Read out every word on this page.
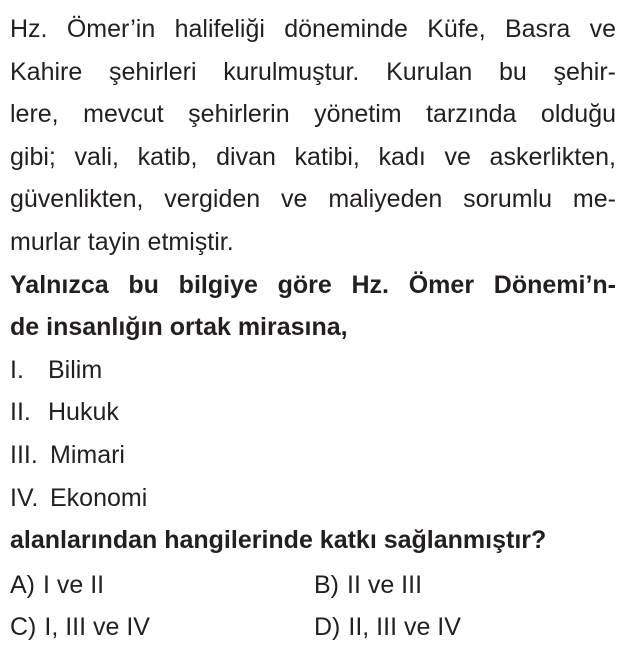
Hz. Ömer’in halifeliği döneminde Küfe, Basra ve
Kahire şehirleri kurulmuştur. Kurulan bu şehir-
lere, mevcut şehirlerin yönetim tarzında olduğu
gibi; vali, katib, divan katibi, kadı ve askerlikten,
güvenlikten, vergiden ve maliyeden sorumlu me-
murlar tayin etmiştir.
Yalnızca bu bilgiye göre Hz. Ömer Dönemi’n-
de insanlığın ortak mirasına,
I. Bilim
II. Hukuk
III. Mimari
IV. Ekonomi
alanlarından hangilerinde katkı sağlanmıştır?
A) I ve II	B) II ve III
C) I, III ve IV	D) II, III ve IV
